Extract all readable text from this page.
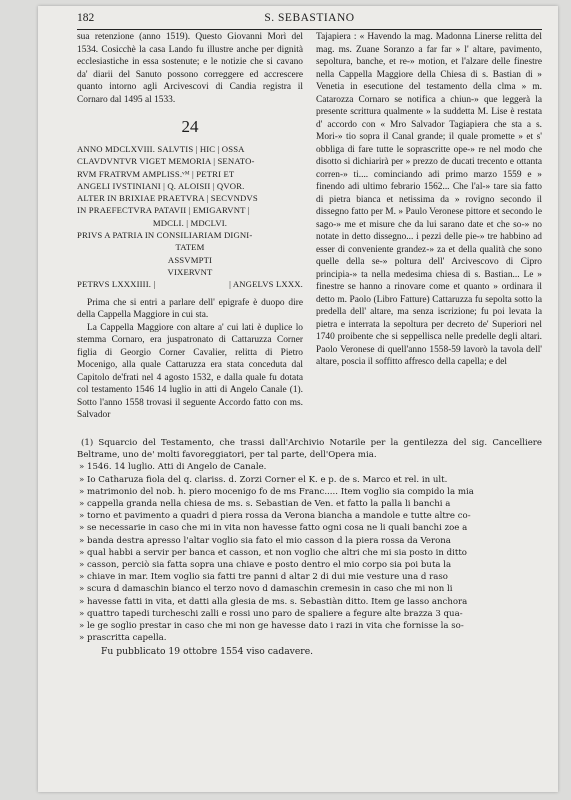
182	S. SEBASTIANO

sua retenzione (anno 1519). Questo Giovanni Morì del 1534. Cosicchè la casa Lando fu illustre anche per dignità ecclesiastiche in essa sostenute; e le notizie che si cavano da' diarii del Sanuto possono correggere ed accrescere quanto intorno agli Arcivescovi di Candia registra il Cornaro dal 1495 al 1533.

24
ANNO MDCLXVIII. SALVTIS | HIC | OSSA
CLAVDVNTVR VIGET MEMORIA | SENATO-
RVM FRATRVM AMPLISS.ᵛᴹ | PETRI ET
ANGELI IVSTINIANI | Q. ALOISII | QVOR.
ALTER IN BRIXIAE PRAETVRA | SECVNDVS
IN PRAEFECTVRA PATAVII | EMIGARVNT |
MDCLI. | MDCLVI.
PRIVS A PATRIA IN CONSILIARIAM DIGNI-
TATEM
ASSVMPTI
VIXERVNT
PETRVS LXXXIIII. |	| ANGELVS LXXX.

Prima che si entri a parlare dell' epigrafe è duopo dire della Cappella Maggiore in cui sta.

La Cappella Maggiore con altare a' cui lati è duplice lo stemma Cornaro, era juspatronato di Cattaruzza Corner figlia di Georgio Corner Cavalier, relitta di Pietro Mocenigo, alla quale Cattaruzza era stata conceduta dal Capitolo de'frati nel 4 agosto 1532, e dalla quale fu dotata col testamento 1546 14 luglio in atti di Angelo Canale (1). Sotto l'anno 1558 trovasi il seguente Accordo fatto con ms. Salvador

Tajapiera : « Havendo la mag. Madonna Linerse relitta del mag. ms. Zuane Soranzo a far far » l' altare, pavimento, sepoltura, banche, et re-» motion, et l'alzare delle finestre nella Cappella Maggiore della Chiesa di s. Bastian di » Venetia in esecutione del testamento della clma » m. Catarozza Cornaro se notifica a chiun-» que leggerà la presente scrittura qualmente » la suddetta M. Lise è restata d' accordo con « Mro Salvador Tagiapiera che sta a s. Mori-» tio sopra il Canal grande; il quale promette » et s' obbliga di fare tutte le soprascritte ope-» re nel modo che disotto si dichiarirà per » prezzo de ducati trecento e ottanta corren-» ti.... cominciando adi primo marzo 1559 e » finendo adi ultimo febrario 1562... Che l'al-» tare sia fatto di pietra bianca et netissima da » rovigno secondo il dissegno fatto per M. » Paulo Veronese pittore et secondo le sago-» me et misure che da lui sarano date et che so-» no notate in detto dissegno... i pezzi delle pie-» tre habbino ad esser di conveniente grandez-» za et della qualità che sono quelle della se-» poltura dell' Arcivescovo di Cipro principia-» ta nella medesima chiesa di s. Bastian... Le » finestre se hanno a rinovare come et quanto » ordinara il detto m. Paolo (Libro Fatture) Cattaruzza fu sepolta sotto la predella dell' altare, ma senza iscrizione; fu poi levata la pietra e interrata la sepoltura per decreto de' Superiori nel 1740 proibente che si seppellisca nelle predelle degli altari. Paolo Veronese di quell'anno 1558-59 lavorò la tavola dell' altare, poscia il soffitto affresco della capella; e del

(1) Squarcio del Testamento, che trassi dall'Archivio Notarile per la gentilezza del sig. Cancelliere Beltrame, uno de' molti favoreggiatori, per tal parte, dell'Opera mia.

» 1546. 14 luglio. Atti di Angelo de Canale.

» Io Catharuza fiola del q. clariss. d. Zorzi Corner el K. e p. de s. Marco et rel. in ult.

» matrimonio del nob. h. piero mocenigo fo de ms Franc..... Item voglio sia compido la mia

» cappella granda nella chiesa de ms. s. Sebastian de Ven. et fatto la palla li banchi a

» torno et pavimento a quadri d piera rossa da Verona biancha a mandole e tutte altre co-

» se necessarie in caso che mi in vita non havesse fatto ogni cosa ne li quali banchi zoe a

» banda destra apresso l'altar voglio sia fato el mio casson d la piera rossa da Verona

» qual habbi a servir per banca et casson, et non voglio che altri che mi sia posto in ditto

» casson, perciò sia fatta sopra una chiave e posto dentro el mio corpo sia poi buta la

» chiave in mar. Item voglio sia fatti tre panni d altar 2 di dui mie vesture una d raso

» scura d damaschin bianco el terzo novo d damaschin cremesin in caso che mi non li

» havesse fatti in vita, et datti alla glesia de ms. s. Sebastiàn ditto. Item ge lasso anchora

» quattro tapedi turcheschi zalli e rossi uno paro de spaliere a fegure alte brazza 3 qua-

» le ge soglio prestar in caso che mi non ge havesse dato i razi in vita che fornisse la so-

» prascritta capella.

Fu pubblicato 19 ottobre 1554 viso cadavere.
